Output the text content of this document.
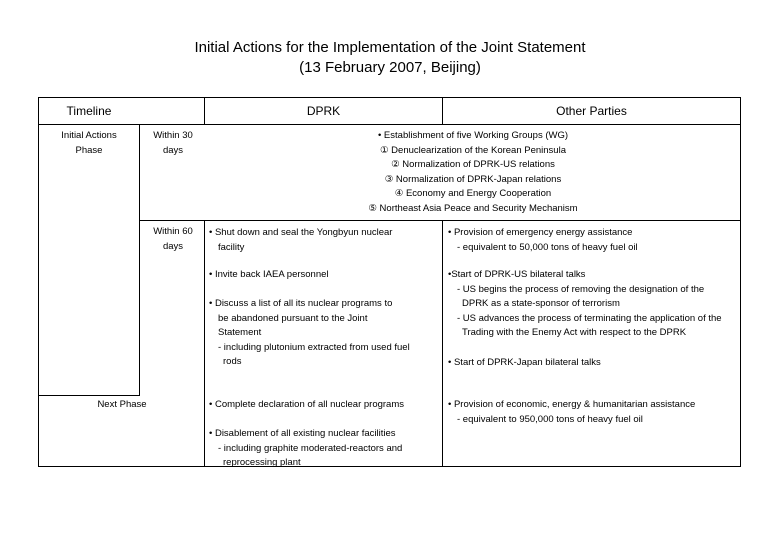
Initial Actions for the Implementation of the Joint Statement
(13 February 2007, Beijing)
Timeline	DPRK	Other Parties
Initial Actions
Phase
Next Phase
Within 30
days
Within 60
days
• Establishment of five Working Groups (WG)
① Denuclearization of the Korean Peninsula
② Normalization of DPRK-US relations
③ Normalization of DPRK-Japan relations
④ Economy and Energy Cooperation
⑤ Northeast Asia Peace and Security Mechanism
• Shut down and seal the Yongbyun nuclear
facility
• Invite back IAEA personnel
• Discuss a list of all its nuclear programs to
be abandoned pursuant to the Joint
Statement
- including plutonium extracted from used fuel
rods
• Provision of emergency energy assistance
- equivalent to 50,000 tons of heavy fuel oil
•Start of DPRK-US bilateral talks
- US begins the process of removing the designation of the
DPRK as a state-sponsor of terrorism
- US advances the process of terminating the application of the
Trading with the Enemy Act with respect to the DPRK
• Start of DPRK-Japan bilateral talks
• Complete declaration of all nuclear programs
• Disablement of all existing nuclear facilities
- including graphite moderated-reactors and
reprocessing plant
• Provision of economic, energy & humanitarian assistance
- equivalent to 950,000 tons of heavy fuel oil
